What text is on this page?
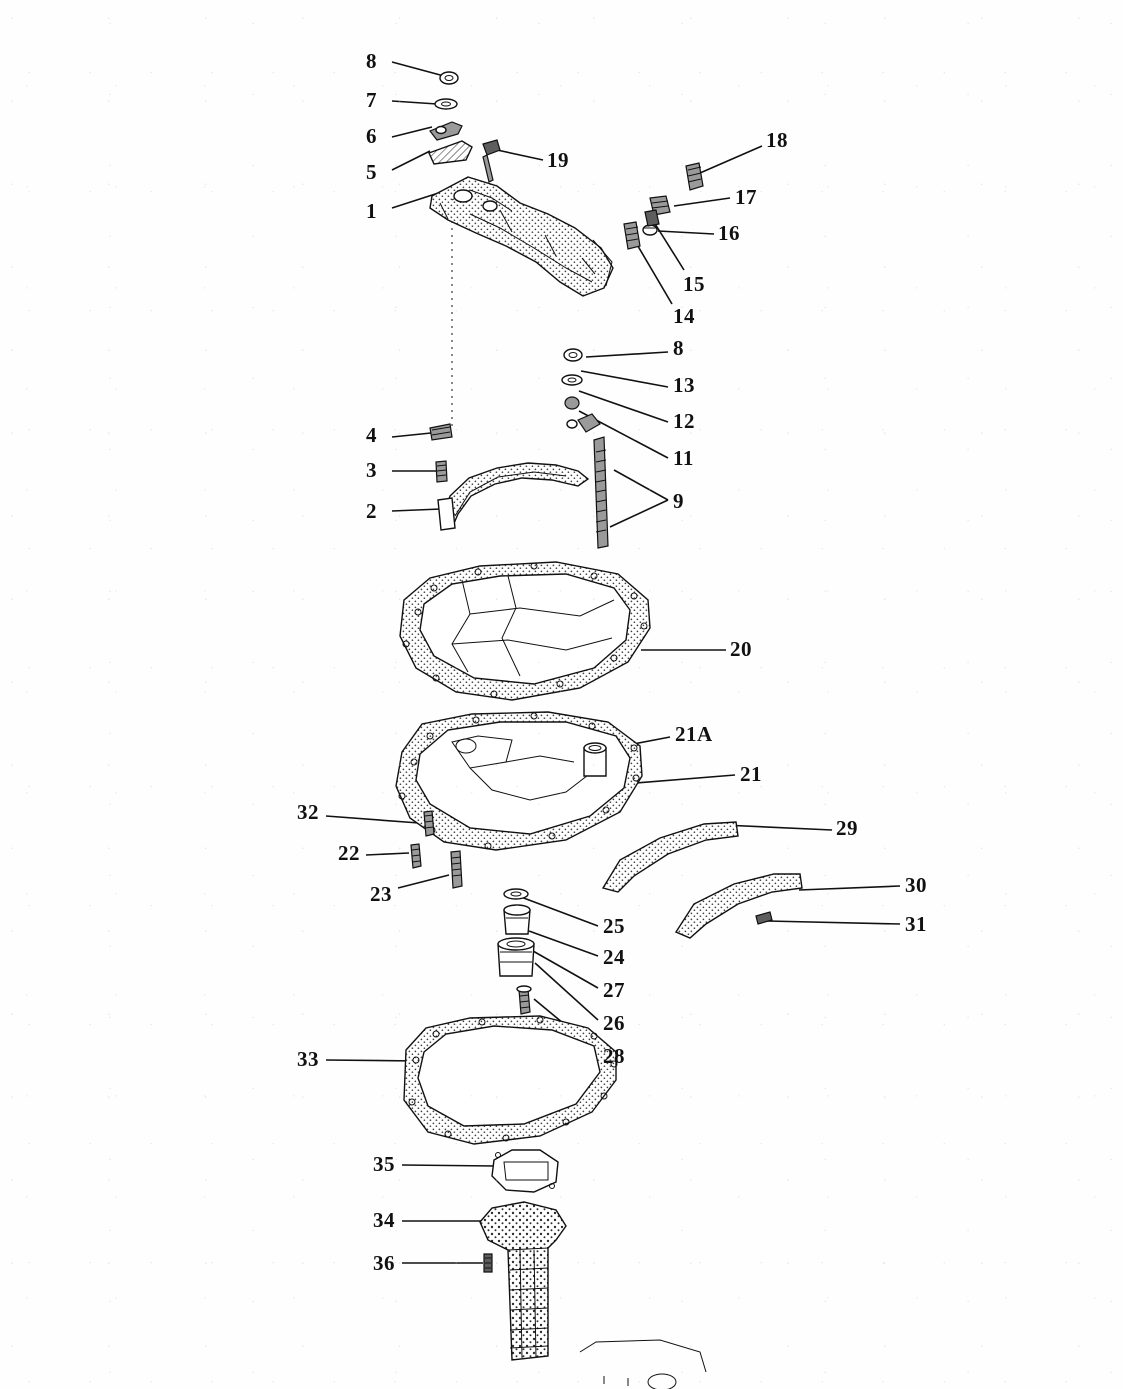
8
7
6
5
1
19
18
17
16
15
14
8
13
12
11
9
4
3
2
20
21A
21
32
22
23
29
30
31
25
24
27
26
28
33
35
34
36
